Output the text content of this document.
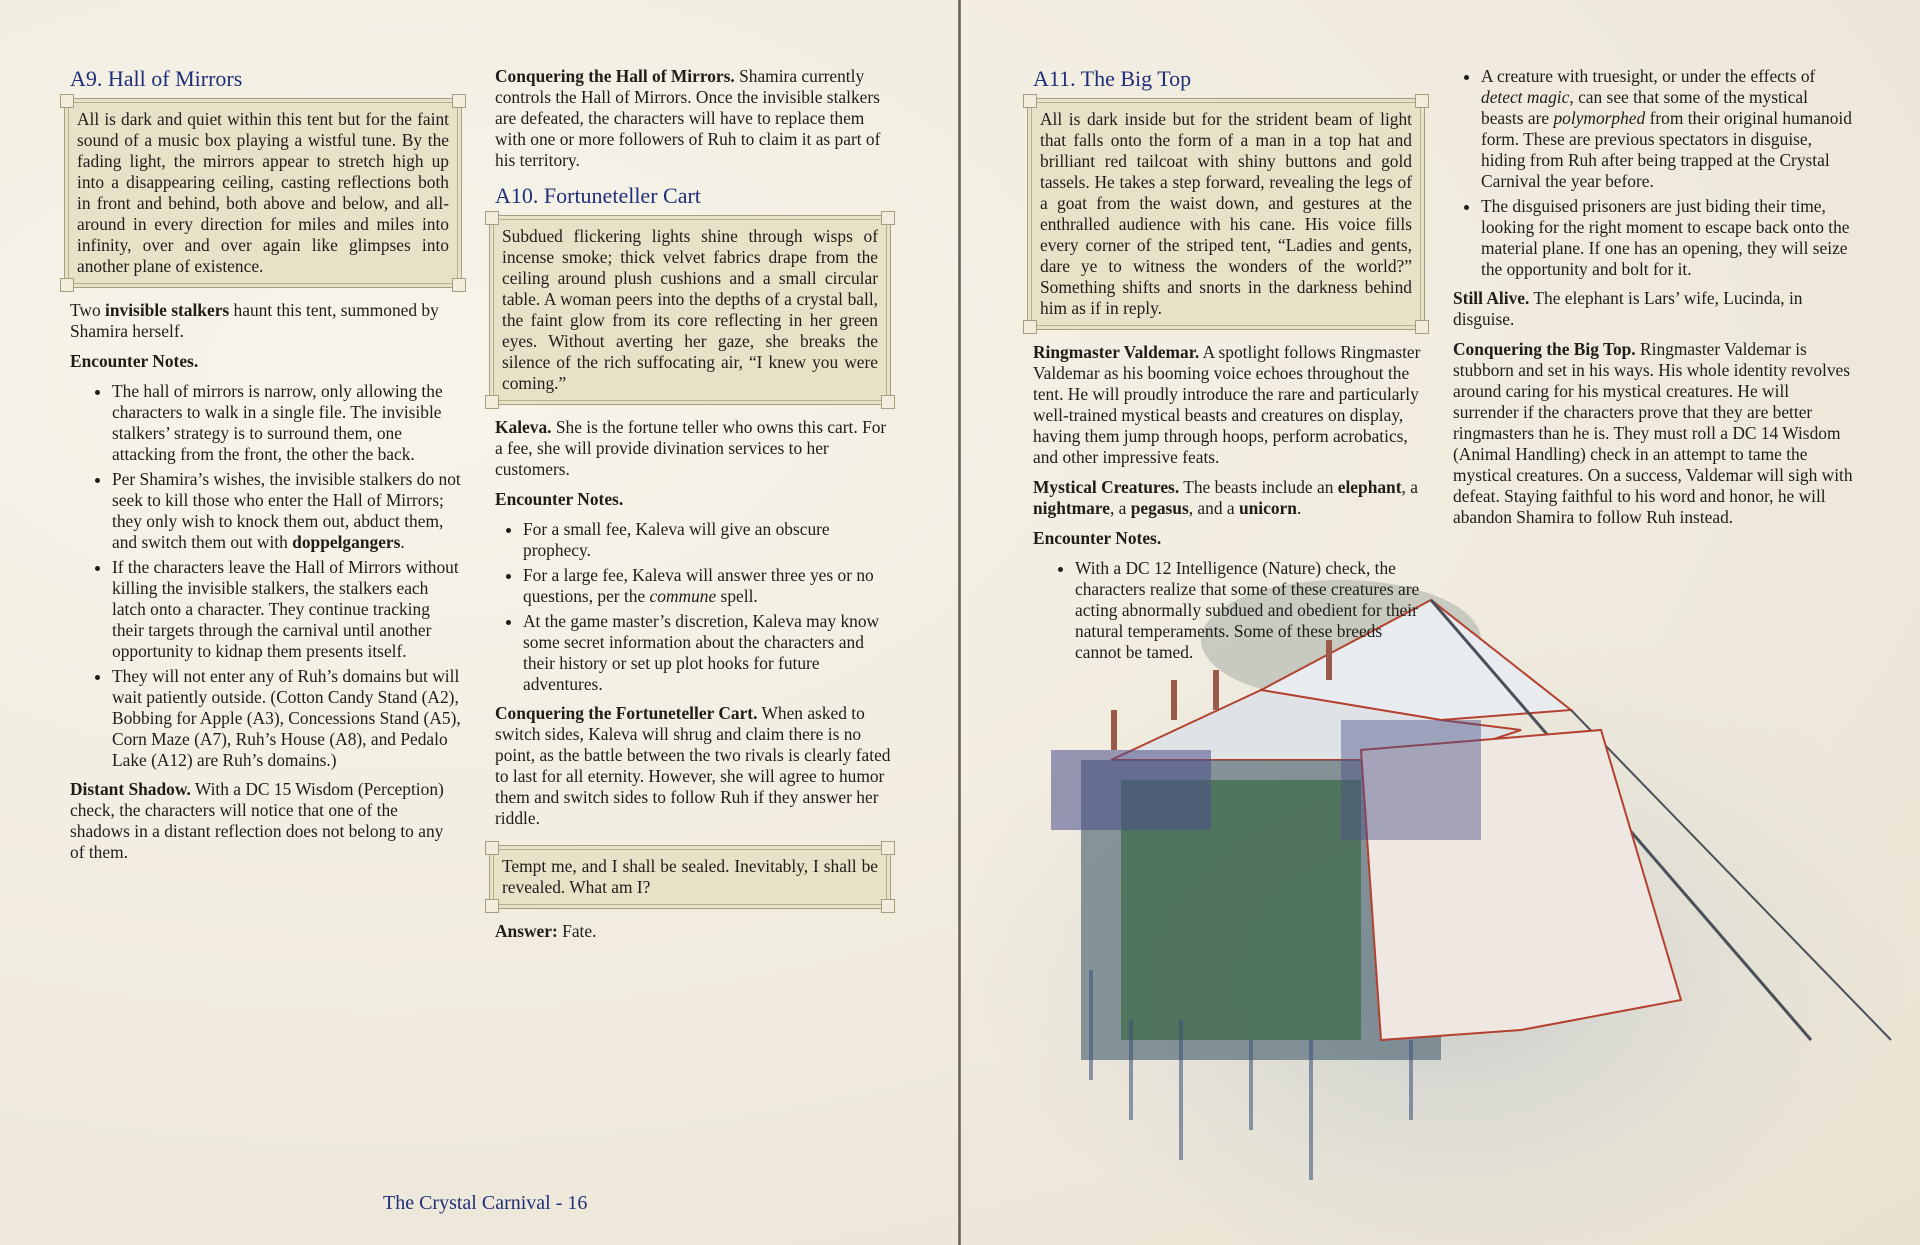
A9. Hall of Mirrors
All is dark and quiet within this tent but for the faint sound of a music box playing a wistful tune. By the fading light, the mirrors appear to stretch high up into a disappearing ceiling, casting reflections both in front and behind, both above and below, and all-around in every direction for miles and miles into infinity, over and over again like glimpses into another plane of existence.

Two invisible stalkers haunt this tent, summoned by Shamira herself.

Encounter Notes.

• The hall of mirrors is narrow, only allowing the characters to walk in a single file. The invisible stalkers’ strategy is to surround them, one attacking from the front, the other the back.
• Per Shamira’s wishes, the invisible stalkers do not seek to kill those who enter the Hall of Mirrors; they only wish to knock them out, abduct them, and switch them out with doppelgangers.
• If the characters leave the Hall of Mirrors without killing the invisible stalkers, the stalkers each latch onto a character. They continue tracking their targets through the carnival until another opportunity to kidnap them presents itself.
• They will not enter any of Ruh’s domains but will wait patiently outside. (Cotton Candy Stand (A2), Bobbing for Apple (A3), Concessions Stand (A5), Corn Maze (A7), Ruh’s House (A8), and Pedalo Lake (A12) are Ruh’s domains.)

Distant Shadow. With a DC 15 Wisdom (Perception) check, the characters will notice that one of the shadows in a distant reflection does not belong to any of them.

Conquering the Hall of Mirrors. Shamira currently controls the Hall of Mirrors. Once the invisible stalkers are defeated, the characters will have to replace them with one or more followers of Ruh to claim it as part of his territory.

A10. Fortuneteller Cart
Subdued flickering lights shine through wisps of incense smoke; thick velvet fabrics drape from the ceiling around plush cushions and a small circular table. A woman peers into the depths of a crystal ball, the faint glow from its core reflecting in her green eyes. Without averting her gaze, she breaks the silence of the rich suffocating air, “I knew you were coming.”

Kaleva. She is the fortune teller who owns this cart. For a fee, she will provide divination services to her customers.

Encounter Notes.

• For a small fee, Kaleva will give an obscure prophecy.
• For a large fee, Kaleva will answer three yes or no questions, per the commune spell.
• At the game master’s discretion, Kaleva may know some secret information about the characters and their history or set up plot hooks for future adventures.

Conquering the Fortuneteller Cart. When asked to switch sides, Kaleva will shrug and claim there is no point, as the battle between the two rivals is clearly fated to last for all eternity. However, she will agree to humor them and switch sides to follow Ruh if they answer her riddle.

Tempt me, and I shall be sealed. Inevitably, I shall be revealed. What am I?

Answer: Fate.

The Crystal Carnival - 16
A11. The Big Top
All is dark inside but for the strident beam of light that falls onto the form of a man in a top hat and brilliant red tailcoat with shiny buttons and gold tassels. He takes a step forward, revealing the legs of a goat from the waist down, and gestures at the enthralled audience with his cane. His voice fills every corner of the striped tent, “Ladies and gents, dare ye to witness the wonders of the world?” Something shifts and snorts in the darkness behind him as if in reply.

Ringmaster Valdemar. A spotlight follows Ringmaster Valdemar as his booming voice echoes throughout the tent. He will proudly introduce the rare and particularly well-trained mystical beasts and creatures on display, having them jump through hoops, perform acrobatics, and other impressive feats.

Mystical Creatures. The beasts include an elephant, a nightmare, a pegasus, and a unicorn.

Encounter Notes.

• With a DC 12 Intelligence (Nature) check, the characters realize that some of these creatures are acting abnormally subdued and obedient for their natural temperaments. Some of these breeds cannot be tamed.
• A creature with truesight, or under the effects of detect magic, can see that some of the mystical beasts are polymorphed from their original humanoid form. These are previous spectators in disguise, hiding from Ruh after being trapped at the Crystal Carnival the year before.
• The disguised prisoners are just biding their time, looking for the right moment to escape back onto the material plane. If one has an opening, they will seize the opportunity and bolt for it.

Still Alive. The elephant is Lars’ wife, Lucinda, in disguise.

Conquering the Big Top. Ringmaster Valdemar is stubborn and set in his ways. His whole identity revolves around caring for his mystical creatures. He will surrender if the characters prove that they are better ringmasters than he is. They must roll a DC 14 Wisdom (Animal Handling) check in an attempt to tame the mystical creatures. On a success, Valdemar will sigh with defeat. Staying faithful to his word and honor, he will abandon Shamira to follow Ruh instead.
